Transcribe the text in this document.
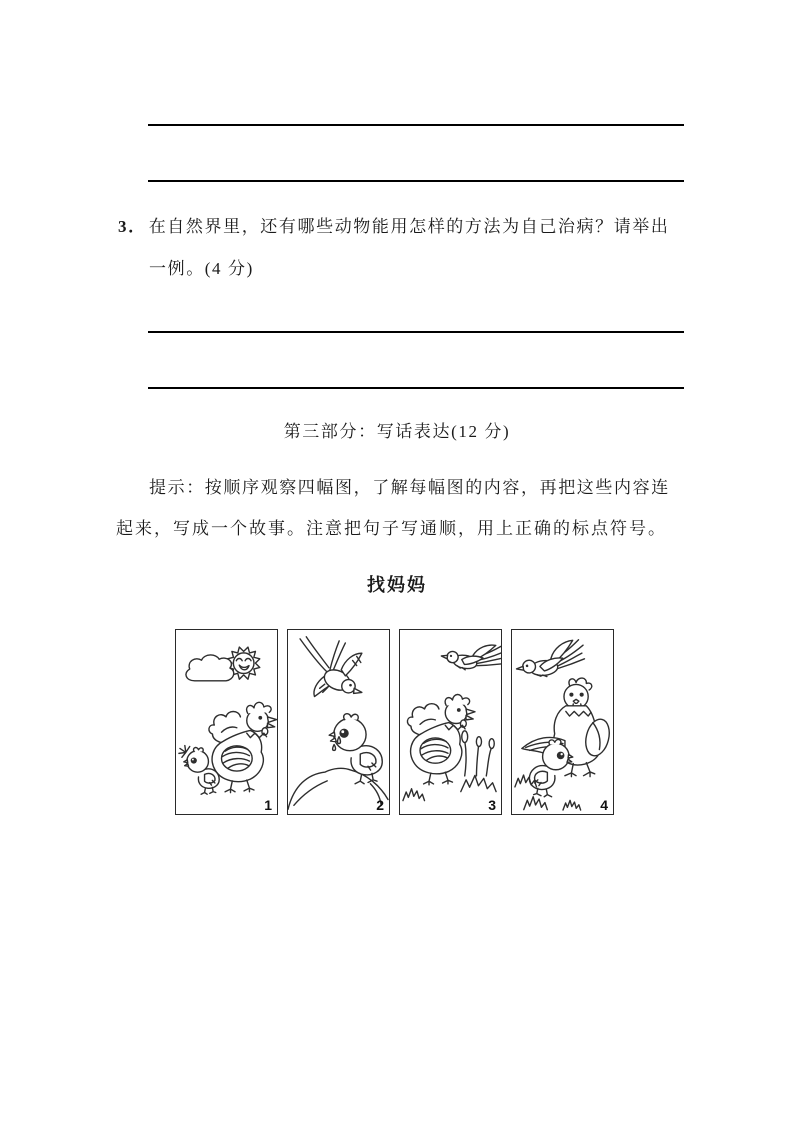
3． 在自然界里，还有哪些动物能用怎样的方法为自己治病？请举出
一例。(4 分)
第三部分：写话表达(12 分)
提示：按顺序观察四幅图，了解每幅图的内容，再把这些内容连
起来，写成一个故事。注意把句子写通顺，用上正确的标点符号。
找妈妈
1	2	3	4
